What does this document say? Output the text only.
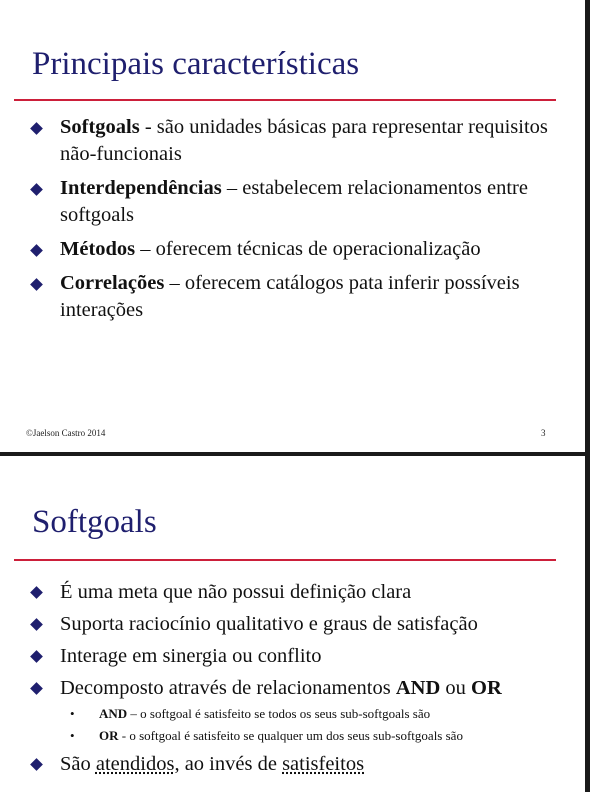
Principais características
Softgoals - são unidades básicas para representar requisitos não-funcionais
Interdependências – estabelecem relacionamentos entre softgoals
Métodos – oferecem técnicas de operacionalização
Correlações – oferecem catálogos pata inferir possíveis interações
©Jaelson Castro 2014	3
Softgoals
É uma meta que não possui definição clara
Suporta raciocínio qualitativo e graus de satisfação
Interage em sinergia ou conflito
Decomposto através de relacionamentos AND ou OR
• AND – o softgoal é satisfeito se todos os seus sub-softgoals são
• OR - o softgoal é satisfeito se qualquer um dos seus sub-softgoals são
São atendidos, ao invés de satisfeitos
